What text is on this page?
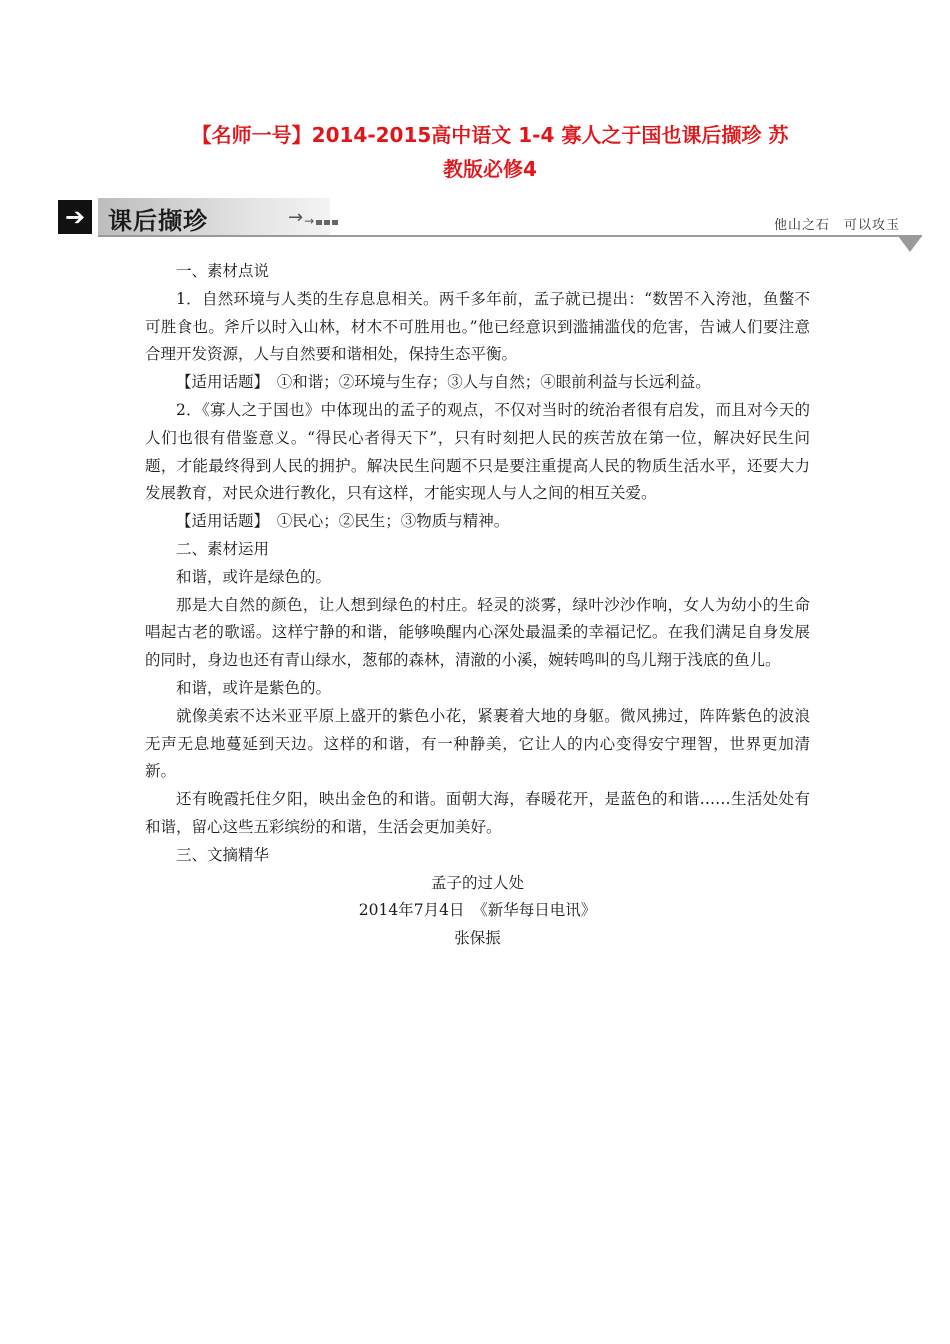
【名师一号】2014-2015高中语文 1-4 寡人之于国也课后撷珍 苏
教版必修4
➔ 课后撷珍	→ →	他山之石　可以攻玉

一、素材点说

1．自然环境与人类的生存息息相关。两千多年前，孟子就已提出：“数罟不入洿池，鱼鳖不可胜食也。斧斤以时入山林，材木不可胜用也。”他已经意识到滥捕滥伐的危害，告诫人们要注意合理开发资源，人与自然要和谐相处，保持生态平衡。

【适用话题】　①和谐；②环境与生存；③人与自然；④眼前利益与长远利益。

2．《寡人之于国也》中体现出的孟子的观点，不仅对当时的统治者很有启发，而且对今天的人们也很有借鉴意义。“得民心者得天下”，只有时刻把人民的疾苦放在第一位，解决好民生问题，才能最终得到人民的拥护。解决民生问题不只是要注重提高人民的物质生活水平，还要大力发展教育，对民众进行教化，只有这样，才能实现人与人之间的相互关爱。

【适用话题】　①民心；②民生；③物质与精神。

二、素材运用

和谐，或许是绿色的。

那是大自然的颜色，让人想到绿色的村庄。轻灵的淡雾，绿叶沙沙作响，女人为幼小的生命唱起古老的歌谣。这样宁静的和谐，能够唤醒内心深处最温柔的幸福记忆。在我们满足自身发展的同时，身边也还有青山绿水，葱郁的森林，清澈的小溪，婉转鸣叫的鸟儿翔于浅底的鱼儿。

和谐，或许是紫色的。

就像美索不达米亚平原上盛开的紫色小花，紧裹着大地的身躯。微风拂过，阵阵紫色的波浪无声无息地蔓延到天边。这样的和谐，有一种静美，它让人的内心变得安宁理智，世界更加清新。

还有晚霞托住夕阳，映出金色的和谐。面朝大海，春暖花开，是蓝色的和谐……生活处处有和谐，留心这些五彩缤纷的和谐，生活会更加美好。

三、文摘精华

孟子的过人处

2014年7月4日　《新华每日电讯》

张保振
